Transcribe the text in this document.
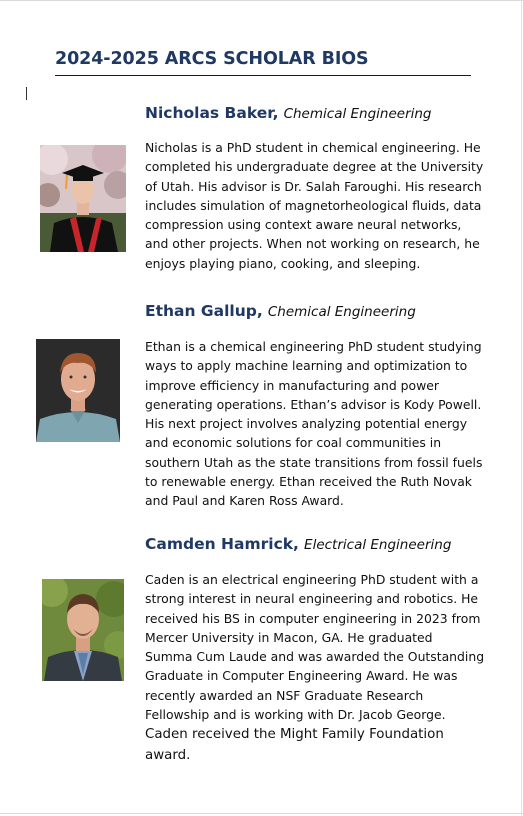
2024-2025 ARCS SCHOLAR BIOS
Nicholas Baker, Chemical Engineering
Nicholas is a PhD student in chemical engineering. He
completed his undergraduate degree at the University
of Utah. His advisor is Dr. Salah Faroughi. His research
includes simulation of magnetorheological fluids, data
compression using context aware neural networks,
and other projects. When not working on research, he
enjoys playing piano, cooking, and sleeping.
Ethan Gallup, Chemical Engineering
Ethan is a chemical engineering PhD student studying
ways to apply machine learning and optimization to
improve efficiency in manufacturing and power
generating operations. Ethan’s advisor is Kody Powell.
His next project involves analyzing potential energy
and economic solutions for coal communities in
southern Utah as the state transitions from fossil fuels
to renewable energy. Ethan received the Ruth Novak
and Paul and Karen Ross Award.
Camden Hamrick, Electrical Engineering
Caden is an electrical engineering PhD student with a
strong interest in neural engineering and robotics. He
received his BS in computer engineering in 2023 from
Mercer University in Macon, GA. He graduated
Summa Cum Laude and was awarded the Outstanding
Graduate in Computer Engineering Award. He was
recently awarded an NSF Graduate Research
Fellowship and is working with Dr. Jacob George.
Caden received the Might Family Foundation
award.
